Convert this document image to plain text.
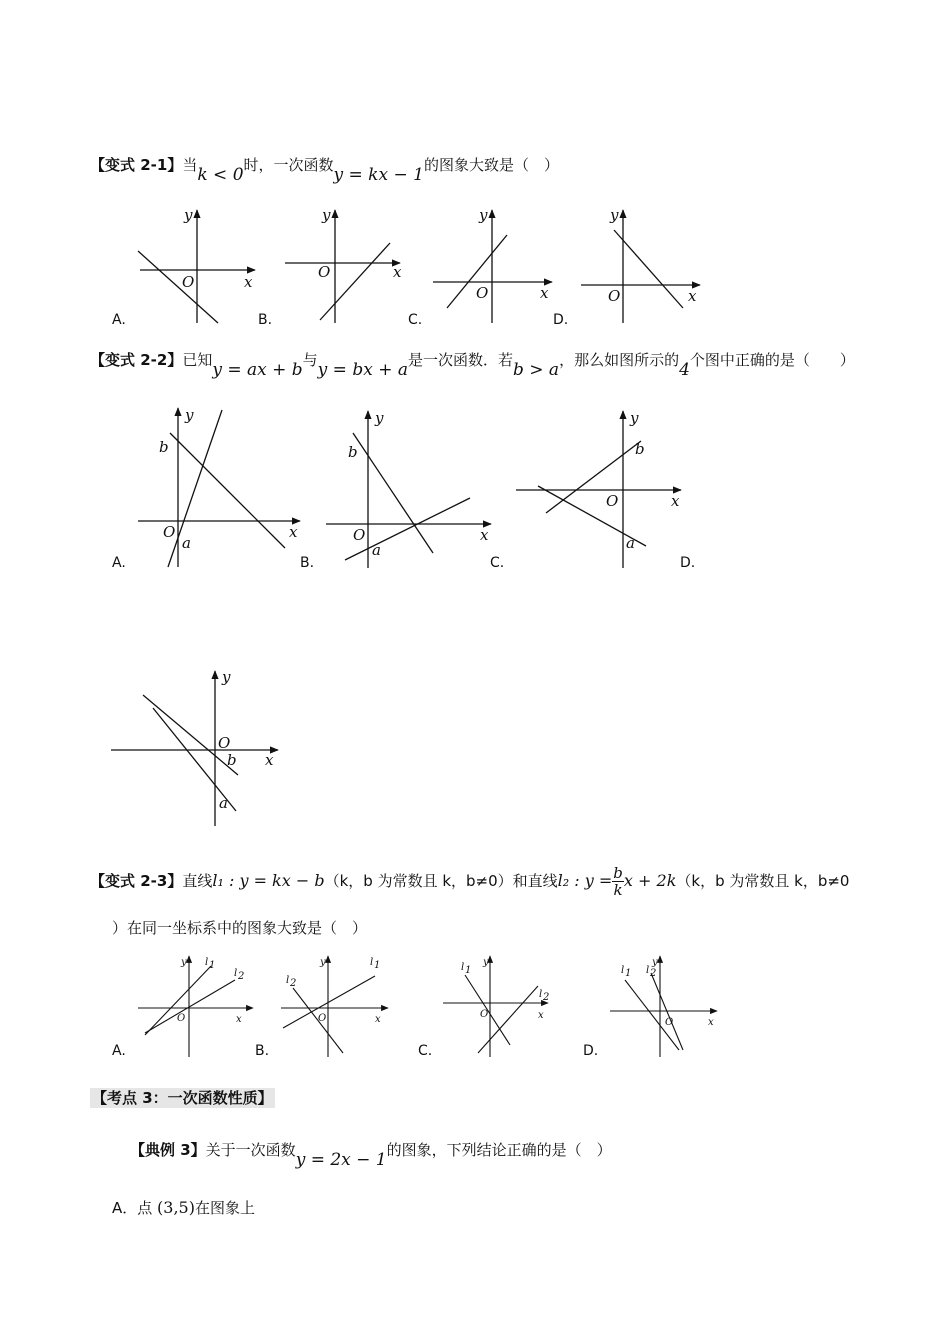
【变式 2-1】当k < 0时，一次函数y = kx − 1的图象大致是（　）
y
x
O
A.
y
x
O
B.
y
x
O
C.
y
x
O
D.
【变式 2-2】已知y = ax + b与y = bx + a是一次函数．若b > a，那么如图所示的4个图中正确的是（　　）
y
x
O
b
a
A.
y
x
O
b
a
B.
y
x
O
b
a
C.	D.
y
x
O
b
a
【变式 2-3】直线l₁ : y = kx − b（k，b 为常数且 k，b≠0）和直线l₂ : $y = \frac{b}{k}$ x + 2k（k，b 为常数且 k，b≠0
）在同一坐标系中的图象大致是（　）
y
x
O
l 1
l 2
A.
y
x
O
l 1
l 2
B.
y
x
O
l 1
l 2
C.
y
x
O
l 1 l 2
D.
【考点 3：一次函数性质】
【典例 3】关于一次函数y = 2x − 1的图象，下列结论正确的是（　）
A．点 (3,5)在图象上
